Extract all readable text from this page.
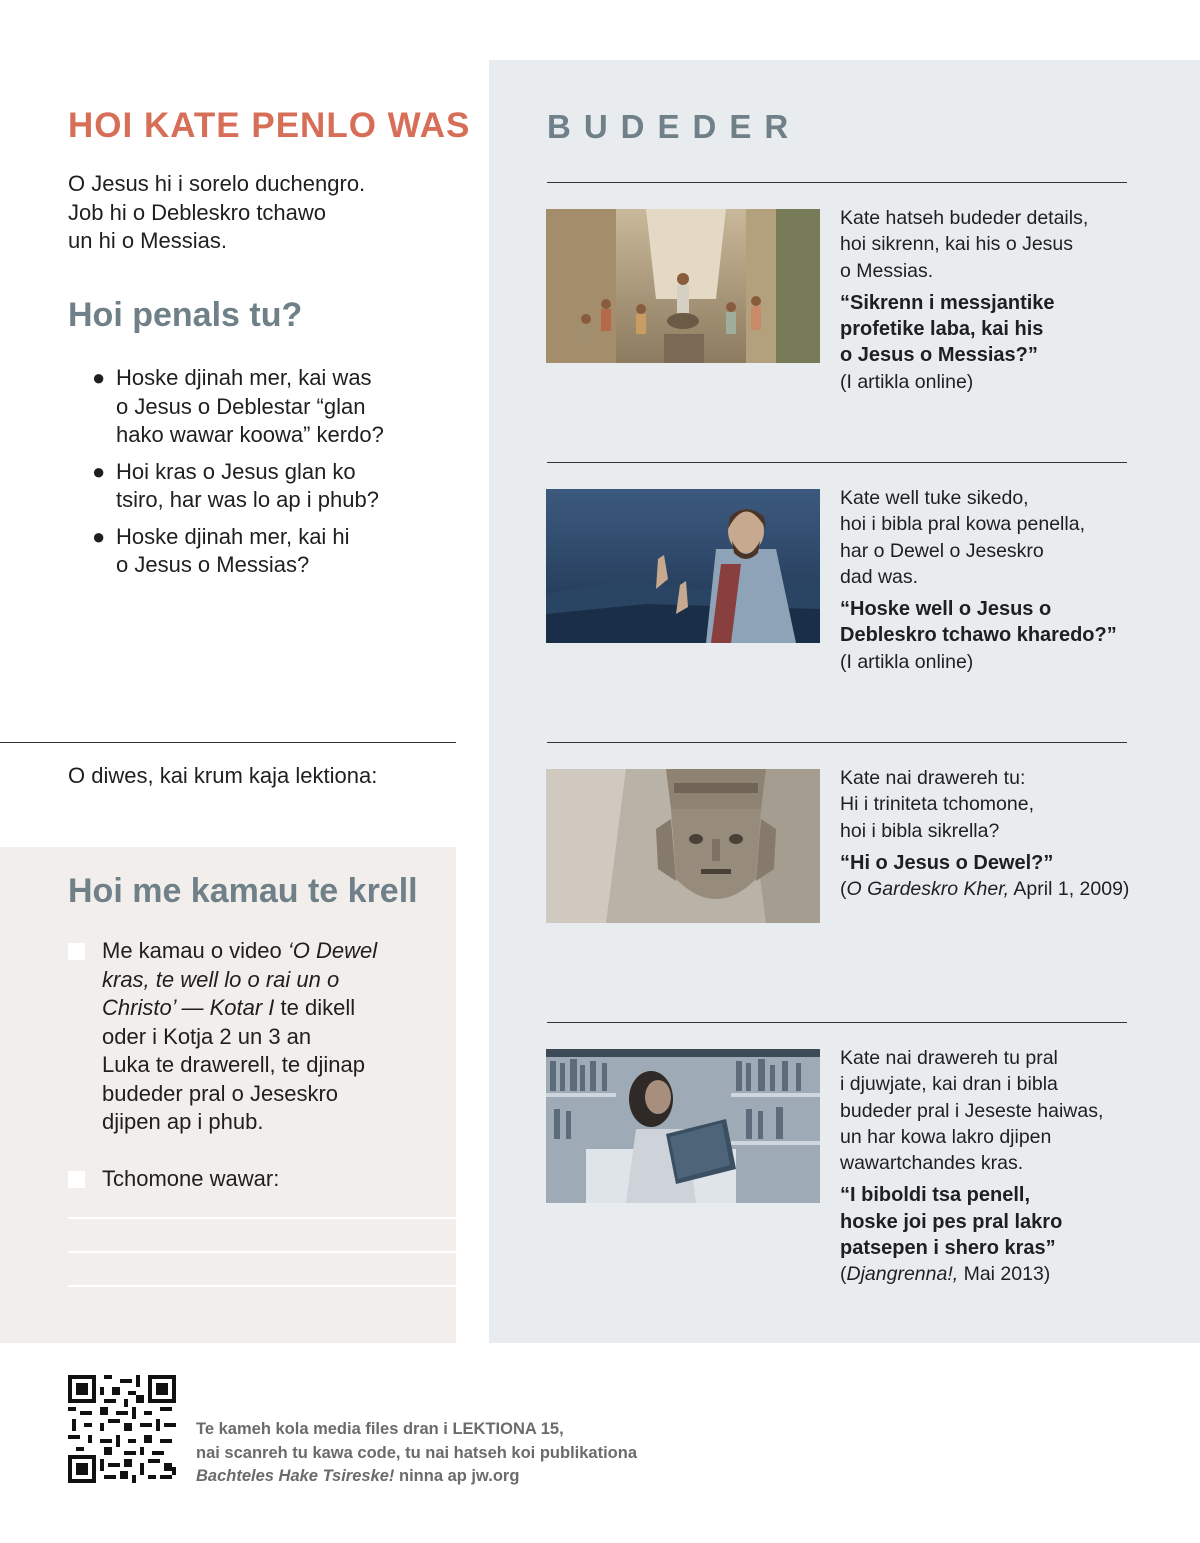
HOI KATE PENLO WAS
O Jesus hi i sorelo duchengro.
Job hi o Debleskro tchawo
un hi o Messias.
Hoi penals tu?
● Hoske djinah mer, kai was
o Jesus o Deblestar “glan
hako wawar koowa” kerdo?
● Hoi kras o Jesus glan ko
tsiro, har was lo ap i phub?
● Hoske djinah mer, kai hi
o Jesus o Messias?
O diwes, kai krum kaja lektiona:
Hoi me kamau te krell
Me kamau o video ‘O Dewel
kras, te well lo o rai un o
Christo’ — Kotar I te dikell
oder i Kotja 2 un 3 an
Luka te drawerell, te djinap
budeder pral o Jeseskro
djipen ap i phub.
Tchomone wawar:
BUDEDER
Kate hatseh budeder details,
hoi sikrenn, kai his o Jesus
o Messias.
“Sikrenn i messjantike
profetike laba, kai his
o Jesus o Messias?”
(I artikla online)
Kate well tuke sikedo,
hoi i bibla pral kowa penella,
har o Dewel o Jeseskro
dad was.
“Hoske well o Jesus o
Debleskro tchawo kharedo?”
(I artikla online)
Kate nai drawereh tu:
Hi i triniteta tchomone,
hoi i bibla sikrella?
“Hi o Jesus o Dewel?”
(O Gardeskro Kher, April 1, 2009)
Kate nai drawereh tu pral
i djuwjate, kai dran i bibla
budeder pral i Jeseste haiwas,
un har kowa lakro djipen
wawartchandes kras.
“I biboldi tsa penell,
hoske joi pes pral lakro
patsepen i shero kras”
(Djangrenna!, Mai 2013)
Te kameh kola media files dran i LEKTIONA 15,
nai scanreh tu kawa code, tu nai hatseh koi publikationa
Bachteles Hake Tsireske! ninna ap jw.org
